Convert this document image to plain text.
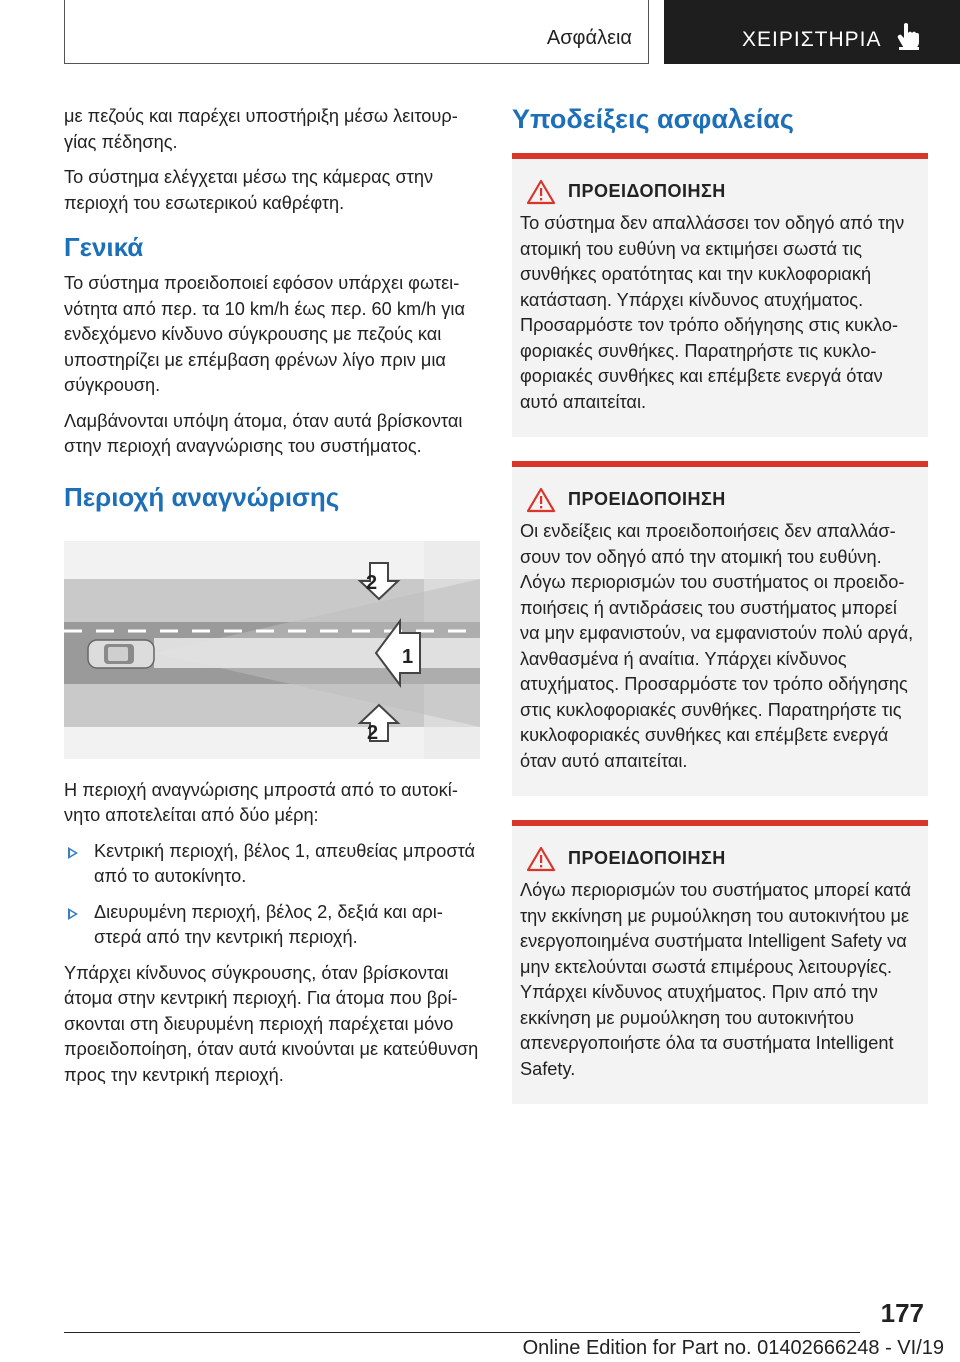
Ασφάλεια	ΧΕΙΡΙΣΤΗΡΙΑ

με πεζούς και παρέχει υποστήριξη μέσω λειτουργίας πέδησης.

Το σύστημα ελέγχεται μέσω της κάμερας στην περιοχή του εσωτερικού καθρέφτη.

Γενικά

Το σύστημα προειδοποιεί εφόσον υπάρχει φωτεινότητα από περ. τα 10 km/h έως περ. 60 km/h για ενδεχόμενο κίνδυνο σύγκρουσης με πεζούς και υποστηρίζει με επέμβαση φρένων λίγο πριν μια σύγκρουση.

Λαμβάνονται υπόψη άτομα, όταν αυτά βρίσκονται στην περιοχή αναγνώρισης του συστήματος.

Περιοχή αναγνώρισης
2
1
2

Η περιοχή αναγνώρισης μπροστά από το αυτοκίνητο αποτελείται από δύο μέρη:

Κεντρική περιοχή, βέλος 1, απευθείας μπροστά από το αυτοκίνητο.
Διευρυμένη περιοχή, βέλος 2, δεξιά και αριστερά από την κεντρική περιοχή.

Υπάρχει κίνδυνος σύγκρουσης, όταν βρίσκονται άτομα στην κεντρική περιοχή. Για άτομα που βρίσκονται στη διευρυμένη περιοχή παρέχεται μόνο προειδοποίηση, όταν αυτά κινούνται με κατεύθυνση προς την κεντρική περιοχή.

Υποδείξεις ασφαλείας
ΠΡΟΕΙΔΟΠΟΙΗΣΗ

Το σύστημα δεν απαλλάσσει τον οδηγό από την ατομική του ευθύνη να εκτιμήσει σωστά τις συνθήκες ορατότητας και την κυκλοφοριακή κατάσταση. Υπάρχει κίνδυνος ατυχήματος. Προσαρμόστε τον τρόπο οδήγησης στις κυκλοφοριακές συνθήκες. Παρατηρήστε τις κυκλοφοριακές συνθήκες και επέμβετε ενεργά όταν αυτό απαιτείται.

ΠΡΟΕΙΔΟΠΟΙΗΣΗ

Οι ενδείξεις και προειδοποιήσεις δεν απαλλάσσουν τον οδηγό από την ατομική του ευθύνη. Λόγω περιορισμών του συστήματος οι προειδοποιήσεις ή αντιδράσεις του συστήματος μπορεί να μην εμφανιστούν, να εμφανιστούν πολύ αργά, λανθασμένα ή αναίτια. Υπάρχει κίνδυνος ατυχήματος. Προσαρμόστε τον τρόπο οδήγησης στις κυκλοφοριακές συνθήκες. Παρατηρήστε τις κυκλοφοριακές συνθήκες και επέμβετε ενεργά όταν αυτό απαιτείται.

ΠΡΟΕΙΔΟΠΟΙΗΣΗ

Λόγω περιορισμών του συστήματος μπορεί κατά την εκκίνηση με ρυμούλκηση του αυτοκινήτου με ενεργοποιημένα συστήματα Intelligent Safety να μην εκτελούνται σωστά επιμέρους λειτουργίες. Υπάρχει κίνδυνος ατυχήματος. Πριν από την εκκίνηση με ρυμούλκηση του αυτοκινήτου απενεργοποιήστε όλα τα συστήματα Intelligent Safety.

177
Online Edition for Part no. 01402666248 - VI/19
